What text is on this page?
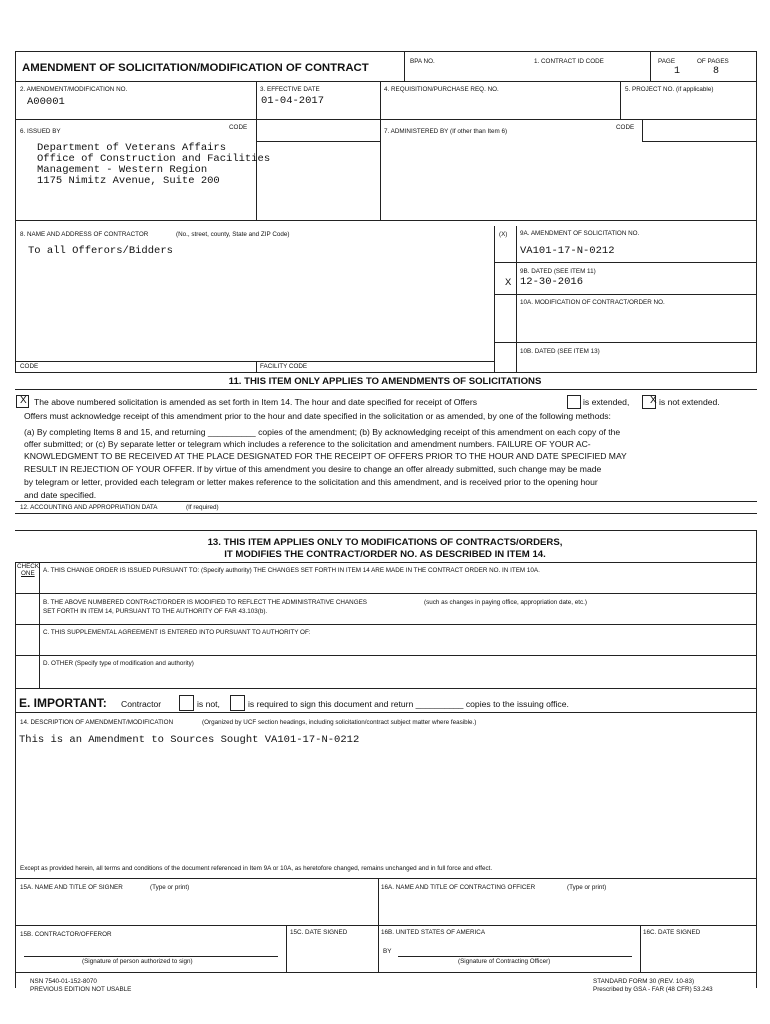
AMENDMENT OF SOLICITATION/MODIFICATION OF CONTRACT
BPA NO.	1. CONTRACT ID CODE	PAGE
1
OF PAGES
8
2. AMENDMENT/MODIFICATION NO.
A00001
3. EFFECTIVE DATE
01-04-2017
4. REQUISITION/PURCHASE REQ. NO.	5. PROJECT NO. (if applicable)
6. ISSUED BY
CODE
Department of Veterans Affairs
Office of Construction and Facilities
Management - Western Region
1175 Nimitz Avenue, Suite 200
7. ADMINISTERED BY (If other than Item 6)
CODE
8. NAME AND ADDRESS OF CONTRACTOR	(No., street, county, State and ZIP Code)
To all Offerors/Bidders
(X) 9A. AMENDMENT OF SOLICITATION NO.
VA101-17-N-0212
9B. DATED (SEE ITEM 11)
X 12-30-2016
10A. MODIFICATION OF CONTRACT/ORDER NO.
10B. DATED (SEE ITEM 13)
CODE	FACILITY CODE
11. THIS ITEM ONLY APPLIES TO AMENDMENTS OF SOLICITATIONS
X The above numbered solicitation is amended as set forth in Item 14. The hour and date specified for receipt of Offers	is extended, X is not extended.
Offers must acknowledge receipt of this amendment prior to the hour and date specified in the solicitation or as amended, by one of the following methods:
(a) By completing Items 8 and 15, and returning __________ copies of the amendment; (b) By acknowledging receipt of this amendment on each copy of the
offer submitted; or (c) By separate letter or telegram which includes a reference to the solicitation and amendment numbers. FAILURE OF YOUR AC-
KNOWLEDGMENT TO BE RECEIVED AT THE PLACE DESIGNATED FOR THE RECEIPT OF OFFERS PRIOR TO THE HOUR AND DATE SPECIFIED MAY
RESULT IN REJECTION OF YOUR OFFER. If by virtue of this amendment you desire to change an offer already submitted, such change may be made
by telegram or letter, provided each telegram or letter makes reference to the solicitation and this amendment, and is received prior to the opening hour
and date specified.
12. ACCOUNTING AND APPROPRIATION DATA	(If required)
13. THIS ITEM APPLIES ONLY TO MODIFICATIONS OF CONTRACTS/ORDERS,
IT MODIFIES THE CONTRACT/ORDER NO. AS DESCRIBED IN ITEM 14.
CHECK
ONE A. THIS CHANGE ORDER IS ISSUED PURSUANT TO: (Specify authority) THE CHANGES SET FORTH IN ITEM 14 ARE MADE IN THE CONTRACT ORDER NO. IN ITEM 10A.
B. THE ABOVE NUMBERED CONTRACT/ORDER IS MODIFIED TO REFLECT THE ADMINISTRATIVE CHANGES	(such as changes in paying office, appropriation date, etc.)
SET FORTH IN ITEM 14, PURSUANT TO THE AUTHORITY OF FAR 43.103(b).
C. THIS SUPPLEMENTAL AGREEMENT IS ENTERED INTO PURSUANT TO AUTHORITY OF:
D. OTHER (Specify type of modification and authority)
E. IMPORTANT: Contractor	is not,	is required to sign this document and return __________ copies to the issuing office.
14. DESCRIPTION OF AMENDMENT/MODIFICATION	(Organized by UCF section headings, including solicitation/contract subject matter where feasible.)
This is an Amendment to Sources Sought VA101-17-N-0212
Except as provided herein, all terms and conditions of the document referenced in Item 9A or 10A, as heretofore changed, remains unchanged and in full force and effect.
15A. NAME AND TITLE OF SIGNER	(Type or print)	16A. NAME AND TITLE OF CONTRACTING OFFICER	(Type or print)
15B. CONTRACTOR/OFFEROR	15C. DATE SIGNED	16B. UNITED STATES OF AMERICA	16C. DATE SIGNED
BY
(Signature of person authorized to sign)	(Signature of Contracting Officer)
NSN 7540-01-152-8070
PREVIOUS EDITION NOT USABLE
STANDARD FORM 30 (REV. 10-83)
Prescribed by GSA - FAR (48 CFR) 53.243
